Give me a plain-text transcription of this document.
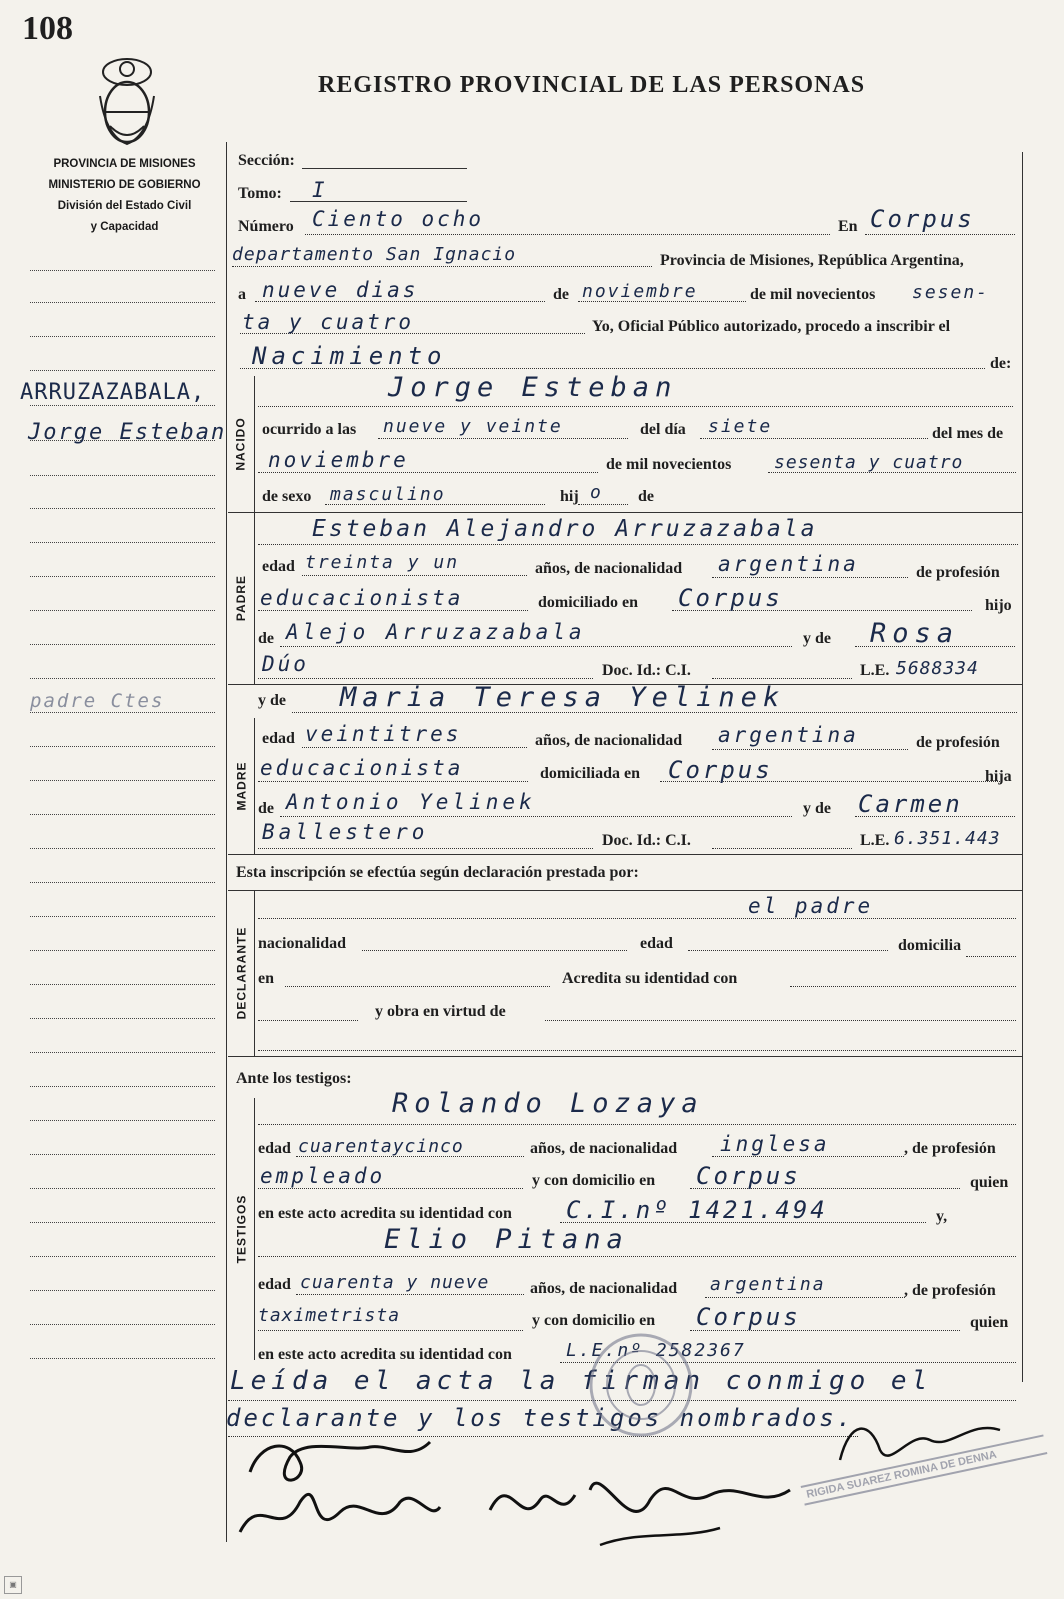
108
REGISTRO PROVINCIAL DE LAS PERSONAS
PROVINCIA DE MISIONES
MINISTERIO DE GOBIERNO
División del Estado Civil
y Capacidad
ARRUZAZABALA,
Jorge Esteban
padre Ctes
Sección:
Tomo: I
Número Ciento ocho	En Corpus
departamento San Ignacio	Provincia de Misiones, República Argentina,
a nueve dias	de noviembre	de mil novecientos sesen-
ta y cuatro	Yo, Oficial Público autorizado, procedo a inscribir el
Nacimiento	de:
NACIDO
Jorge Esteban
ocurrido a las nueve y veinte	del día siete	del mes de
noviembre	de mil novecientos sesenta y cuatro
de sexo masculino	hij o de
PADRE
Esteban Alejandro Arruzazabala
edad treinta y un	años, de nacionalidad argentina	de profesión
educacionista	domiciliado en Corpus	hijo
de Alejo Arruzazabala	y de Rosa
Dúo	Doc. Id.: C.I.	L.E. 5688334
y de
MADRE
Maria Teresa Yelinek
edad veintitres	años, de nacionalidad argentina	de profesión
educacionista	domiciliada en Corpus	hija
de Antonio Yelinek	y de Carmen
Ballestero	Doc. Id.: C.I.	L.E. 6.351.443
Esta inscripción se efectúa según declaración prestada por:
DECLARANTE
el padre
nacionalidad	edad	domicilia
en	Acredita su identidad con
y obra en virtud de
Ante los testigos:
TESTIGOS
Rolando Lozaya
edad cuarentaycinco	años, de nacionalidad inglesa	, de profesión
empleado	y con domicilio en Corpus	quien
en este acto acredita su identidad con C.I.nº 1421.494	y,
Elio Pitana
edad cuarenta y nueve	años, de nacionalidad argentina	, de profesión
taximetrista	y con domicilio en Corpus	quien
en este acto acredita su identidad con	L.E.nº 2582367
Leída el acta la firman conmigo el
declarante y los testigos nombrados.
RIGIDA SUAREZ ROMINA DE DENNA
▣
